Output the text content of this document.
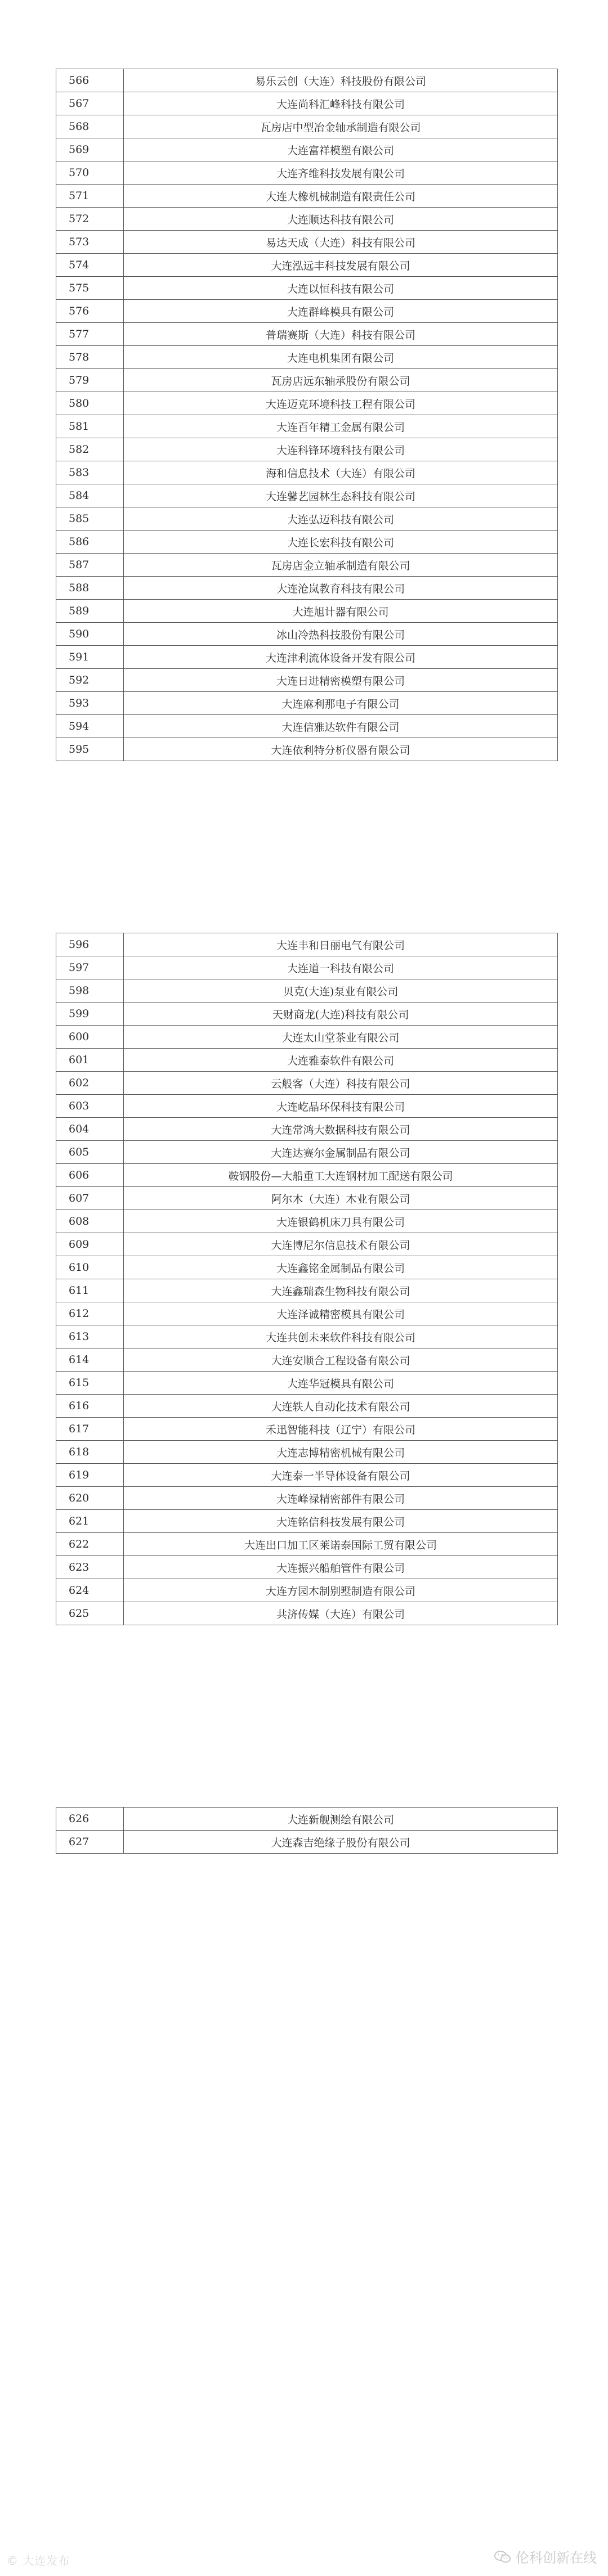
566	易乐云创（大连）科技股份有限公司
567	大连尚科汇峰科技有限公司
568	瓦房店中型冶金轴承制造有限公司
569	大连富祥模塑有限公司
570	大连齐维科技发展有限公司
571	大连大橡机械制造有限责任公司
572	大连顺达科技有限公司
573	易达天成（大连）科技有限公司
574	大连泓远丰科技发展有限公司
575	大连以恒科技有限公司
576	大连群峰模具有限公司
577	普瑞赛斯（大连）科技有限公司
578	大连电机集团有限公司
579	瓦房店远东轴承股份有限公司
580	大连迈克环境科技工程有限公司
581	大连百年精工金属有限公司
582	大连科锋环境科技有限公司
583	海和信息技术（大连）有限公司
584	大连馨艺园林生态科技有限公司
585	大连弘迈科技有限公司
586	大连长宏科技有限公司
587	瓦房店金立轴承制造有限公司
588	大连沧岚教育科技有限公司
589	大连旭计器有限公司
590	冰山冷热科技股份有限公司
591	大连津利流体设备开发有限公司
592	大连日进精密模塑有限公司
593	大连麻利那电子有限公司
594	大连信雅达软件有限公司
595	大连依利特分析仪器有限公司
596	大连丰和日丽电气有限公司
597	大连道一科技有限公司
598	贝克(大连)泵业有限公司
599	天财商龙(大连)科技有限公司
600	大连太山堂茶业有限公司
601	大连雅泰软件有限公司
602	云般客（大连）科技有限公司
603	大连屹晶环保科技有限公司
604	大连常鸿大数据科技有限公司
605	大连达赛尔金属制品有限公司
606	鞍钢股份—大船重工大连钢材加工配送有限公司
607	阿尔木（大连）木业有限公司
608	大连银鹤机床刀具有限公司
609	大连博尼尔信息技术有限公司
610	大连鑫铭金属制品有限公司
611	大连鑫瑞森生物科技有限公司
612	大连泽诚精密模具有限公司
613	大连共创未来软件科技有限公司
614	大连安顺合工程设备有限公司
615	大连华冠模具有限公司
616	大连轶人自动化技术有限公司
617	禾迅智能科技（辽宁）有限公司
618	大连志博精密机械有限公司
619	大连泰一半导体设备有限公司
620	大连峰禄精密部件有限公司
621	大连铭信科技发展有限公司
622	大连出口加工区莱诺泰国际工贸有限公司
623	大连振兴船舶管件有限公司
624	大连方园木制别墅制造有限公司
625	共济传媒（大连）有限公司
626	大连新舰测绘有限公司
627	大连森吉绝缘子股份有限公司
© 大连发布	伦科创新在线
